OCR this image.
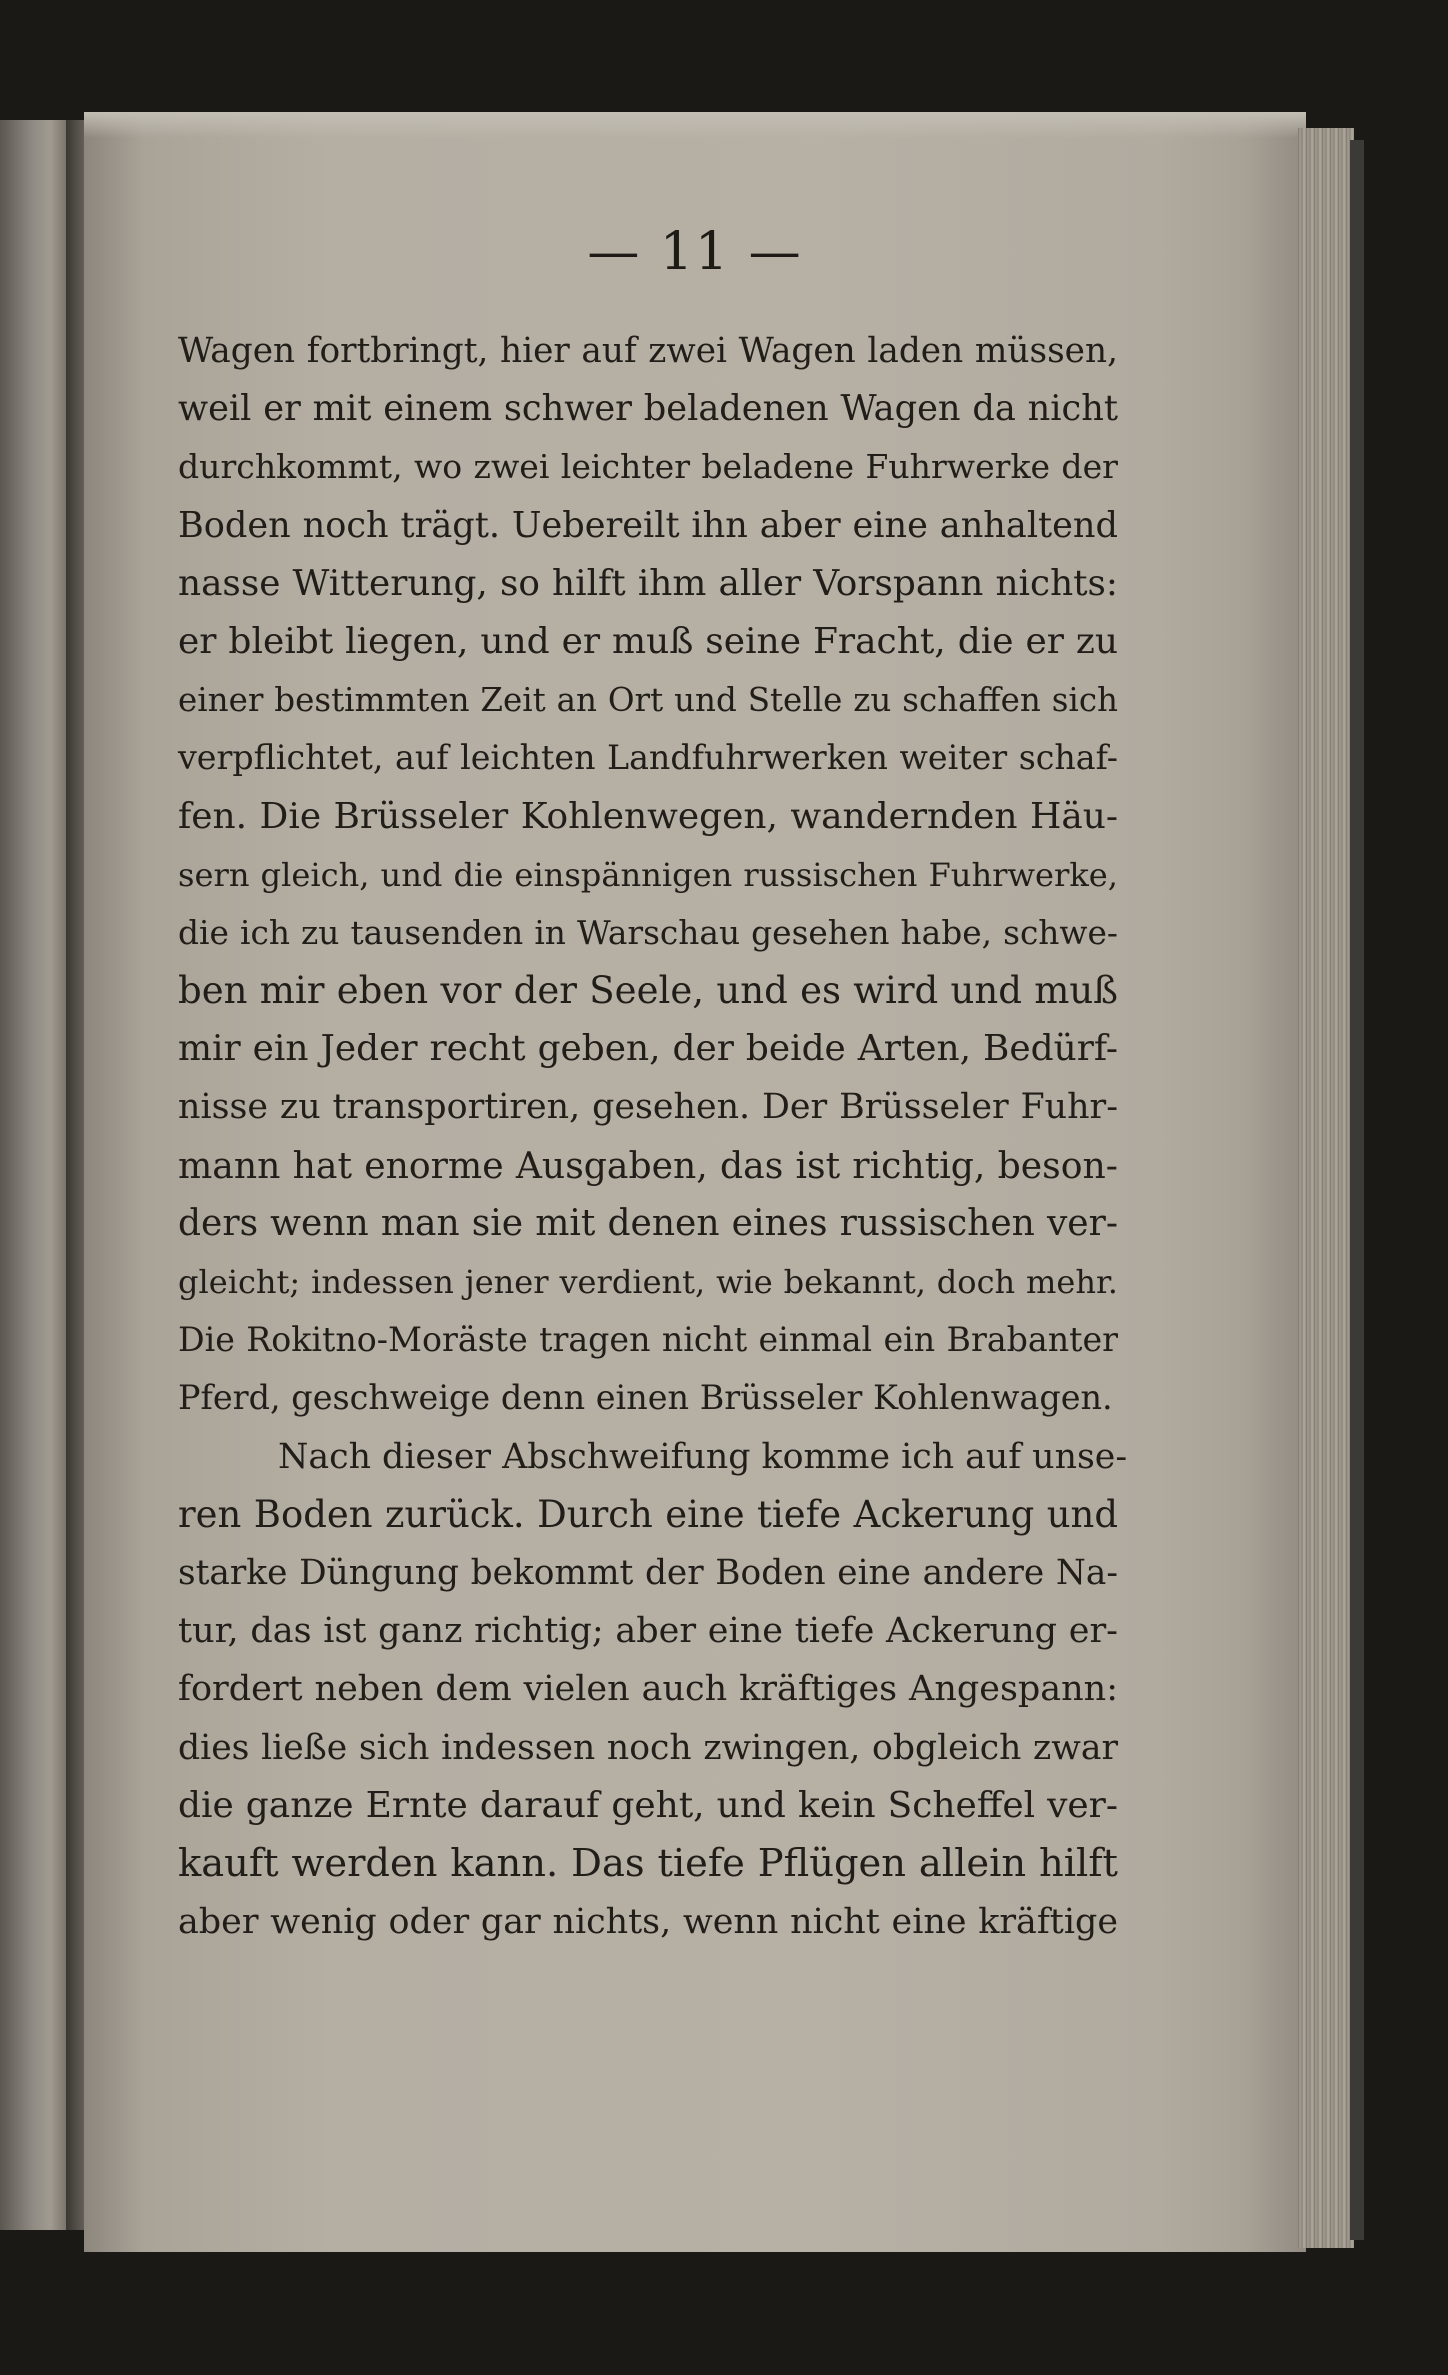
— 11 —
Wagen fortbringt, hier auf zwei Wagen laden müssen,
weil er mit einem schwer beladenen Wagen da nicht
durchkommt, wo zwei leichter beladene Fuhrwerke der
Boden noch trägt. Uebereilt ihn aber eine anhaltend
nasse Witterung, so hilft ihm aller Vorspann nichts:
er bleibt liegen, und er muß seine Fracht, die er zu
einer bestimmten Zeit an Ort und Stelle zu schaffen sich
verpflichtet, auf leichten Landfuhrwerken weiter schaf-
fen. Die Brüsseler Kohlenwegen, wandernden Häu-
sern gleich, und die einspännigen russischen Fuhrwerke,
die ich zu tausenden in Warschau gesehen habe, schwe-
ben mir eben vor der Seele, und es wird und muß
mir ein Jeder recht geben, der beide Arten, Bedürf-
nisse zu transportiren, gesehen. Der Brüsseler Fuhr-
mann hat enorme Ausgaben, das ist richtig, beson-
ders wenn man sie mit denen eines russischen ver-
gleicht; indessen jener verdient, wie bekannt, doch mehr.
Die Rokitno-Moräste tragen nicht einmal ein Brabanter
Pferd, geschweige denn einen Brüsseler Kohlenwagen.
Nach dieser Abschweifung komme ich auf unse-
ren Boden zurück. Durch eine tiefe Ackerung und
starke Düngung bekommt der Boden eine andere Na-
tur, das ist ganz richtig; aber eine tiefe Ackerung er-
fordert neben dem vielen auch kräftiges Angespann:
dies ließe sich indessen noch zwingen, obgleich zwar
die ganze Ernte darauf geht, und kein Scheffel ver-
kauft werden kann. Das tiefe Pflügen allein hilft
aber wenig oder gar nichts, wenn nicht eine kräftige
